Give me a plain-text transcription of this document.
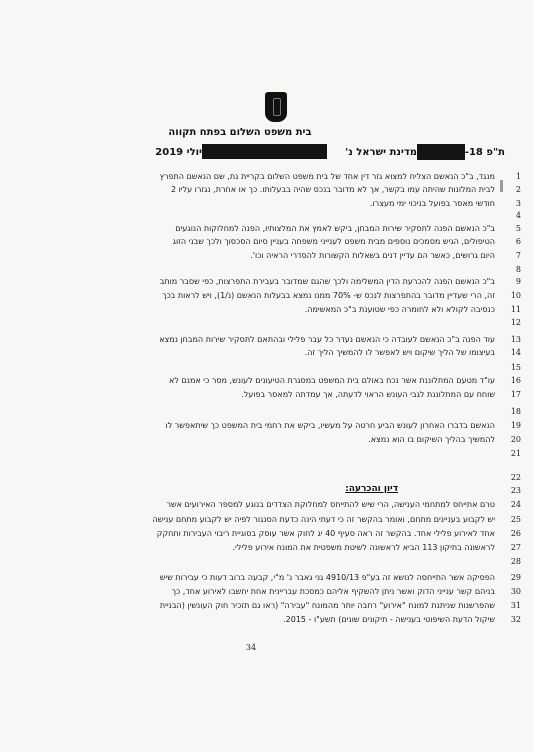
בית משפט השלום בפתח תקווה
ת"פ 18-
מדינת ישראל נ'
יולי 2019
1
מנגד, ב"כ הנאשם הצליח למצוא גזר דין אחד של בית משפט השלום בקריית גת, שם הנאשם התפרץ
2
לבית המלונות שהיתה עמו בקשר, אך לא מדובר בנכס שהיה בבעלותו. כך או אחרת, נגזרו עליו 2
3
חודשי מאסר בפועל בניכוי ימי מעצרו.
4
5
ב"כ הנאשם הפנה לתסקיר שירות המבחן, ביקש לאמץ את המלצותיו, הפנה למחלוקות הנוגעים
6
הטיפולים, הגיש מסמכים נוספים מבית משפט לענייני משפחה בעניין סיום הסכסוך ולכך שבני הזוג
7
היום גרושים, כאשר הם עדיין דנים בשאלות הקשורות להסדרי הראיה וכו'.
8
9
ב"כ הנאשם הפנה להכרעת הדין המשלימה ולכך שהגם שמדובר בעבירת התפרצות, כפי שסבר מותב
10
זה, הרי שעדיין מדובר בהתפרצות לנכס ש- 70% ממנו נמצא בבעלות הנאשם (נ/1), ויש לראות בכך
11
כנסיבה לקולא ולא לחומרה כפי שטוענת ב"כ המאשימה.
12
13
עוד הפנה ב"כ הנאשם לעובדה כי הנאשם נעדר כל עבר פלילי ובהתאם לתסקיר שירות המבחן נמצא
14
בעיצומו של הליך שיקום ויש לאפשר לו להמשיך הליך זה.
15
16
עו"ד מטעם המתלוננת אשר נכח באולם בית המשפט במסגרת הטיעונים לעונש, מסר כי אמנם לא
17
שוחח עם המתלוננת לגבי העונש הראוי לדעתה, אך עמדתה למאסר בפועל.
18
19
הנאשם בדברו האחרון לעונש הביע חרטה על מעשיו, ביקש את רחמי בית המשפט כך שיתאפשר לו
20
להמשיך בהליך השיקום בו הוא נמצא.
21
22
23
24
טרם אתייחס למתחמי הענישה, הרי שיש להתייחס למחלוקת הצדדים בנוגע למספר האירועים אשר
25
יש לקבוע בעניינים מתחם, ואומר בהקשר זה כי דעתי הינה כדעת הסנגור לפיה יש לקבוע מתחם ענישה
26
אחד לאירוע פלילי אחד. בהקשר זה ראה סעיף 40 יג לחוק אשר עוסק בסוגיית ריבוי העבירות ותחקק
27
לראשונה בתיקון 113 הביא לראשונה לשיטת משפטית את המונח אירוע פלילי.
28
29
הפסיקה אשר התייחסה לנושא זה בע"פ 4910/13 גני גאבר נ' מ"י, קבעה ברוב דעות כי עבירות שיש
30
בניהם קשר ענייני הדוק ואשר ניתן להשקיף אליהם כמסכת עבריינית אחת יחשבו לאירוע אחד, כך
31
שהפרשנות שניתנת למונח "אירוע" רחבה יותר מהמונח "עבירה" (ראו גם תזכיר חוק העונשין (הבניית
32
שיקול הדעת השיפוטי בענישה - תיקונים שונים) תשע"ו - 2015.
דיון והכרעה:
34
